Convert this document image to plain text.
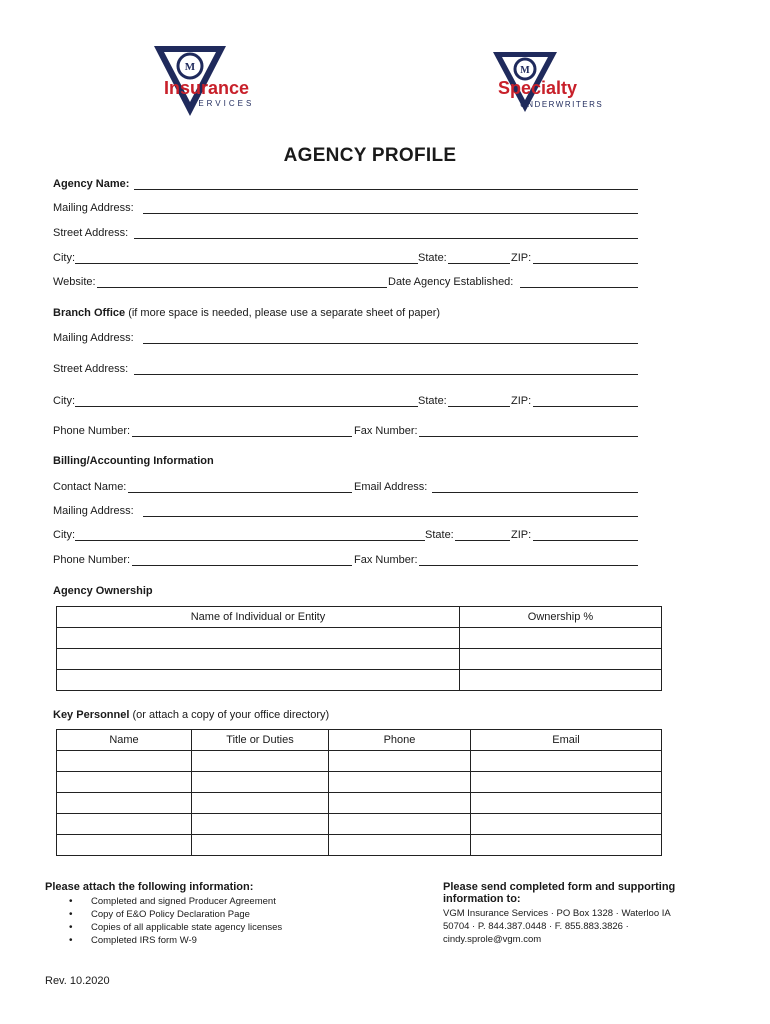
M
Insurance
SERVICES
M
Specialty
UNDERWRITERS
AGENCY PROFILE
Agency Name:
Mailing Address:
Street Address:
City:	State:	ZIP:
Website:	Date Agency Established:
Branch Office (if more space is needed, please use a separate sheet of paper)
Mailing Address:
Street Address:
City:	State:	ZIP:
Phone Number:	Fax Number:
Billing/Accounting Information
Contact Name:	Email Address:
Mailing Address:
City:	State:	ZIP:
Phone Number:	Fax Number:
Agency Ownership
Name of Individual or Entity	Ownership %

Key Personnel (or attach a copy of your office directory)
Name	Title or Duties	Phone	Email

Please attach the following information:
• Completed and signed Producer Agreement
• Copy of E&O Policy Declaration Page
• Copies of all applicable state agency licenses
• Completed IRS form W-9
Please send completed form and supporting
information to:
VGM Insurance Services · PO Box 1328 · Waterloo IA
50704 · P. 844.387.0448 · F. 855.883.3826 ·
cindy.sprole@vgm.com
Rev. 10.2020
